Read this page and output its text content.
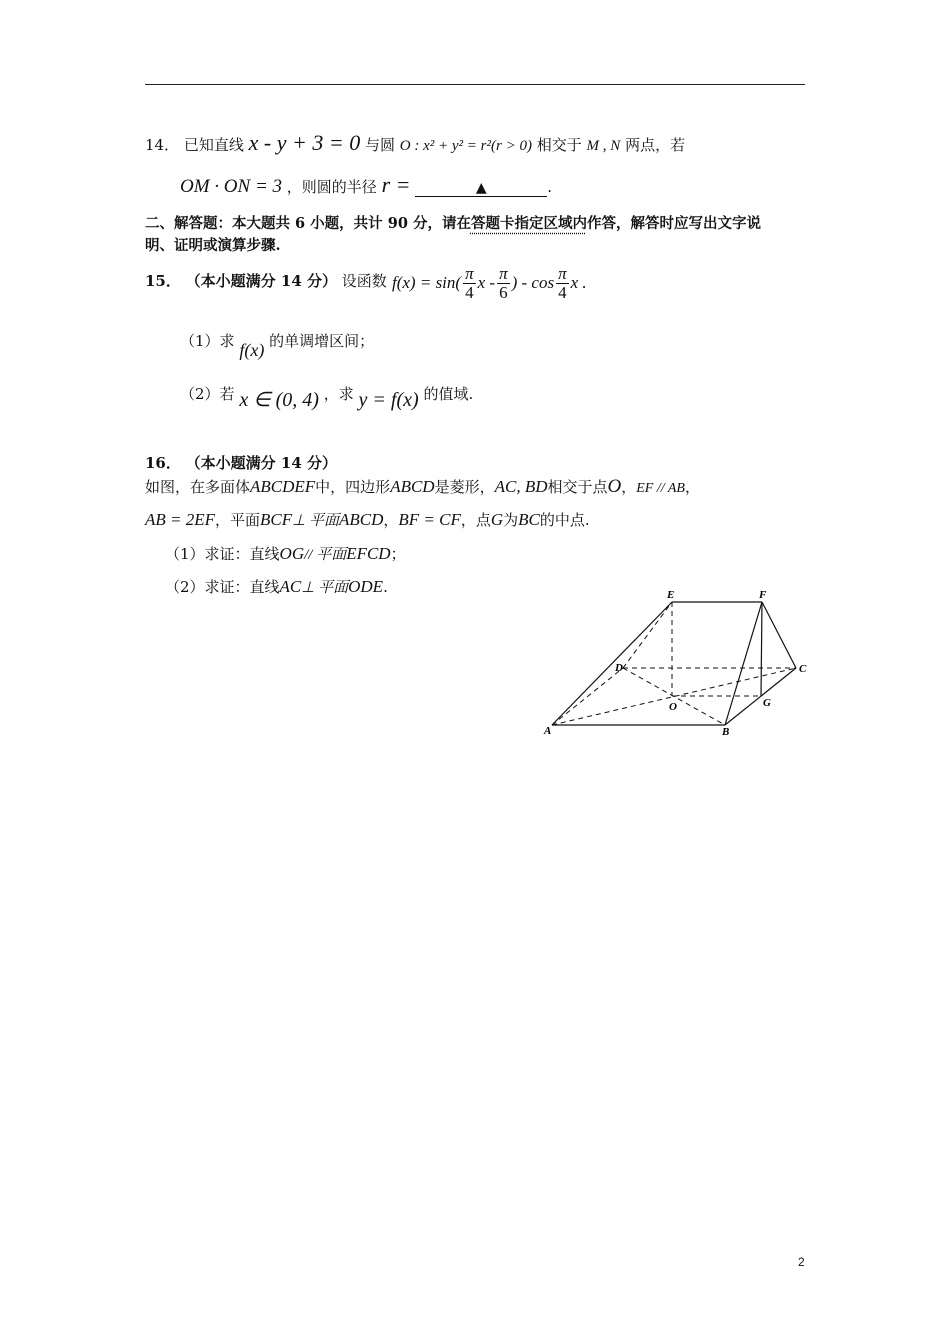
14． 已知直线 x - y + 3 = 0 与圆 O : x² + y² = r²(r > 0) 相交于 M , N 两点，若
OM · ON = 3 ，则圆的半径 r =	▲	.
二、解答题：本大题共 6 小题，共计 90 分，请在答题卡指定区域内作答，解答时应写出文字说
明、证明或演算步骤.
15． （本小题满分 14 分） 设函数 $f(x) = \sin( \frac{\pi}{4}$ x - $\frac{\pi}{6}$ ) - $\cos \frac{\pi}{4}$ x .
（1）求 f(x) 的单调增区间；
（2）若 x ∈ (0, 4) ，求 y = f(x) 的值域.
16． （本小题满分 14 分）
如图，在多面体ABCDEF中，四边形ABCD是菱形，AC, BD相交于点O，EF // AB，
AB = 2EF，平面BCF⊥ 平面ABCD，BF = CF，点G为BC的中点.
（1）求证：直线OG// 平面EFCD；
（2）求证：直线AC⊥ 平面ODE.	E	F
D	C
O	G
A	B
2
